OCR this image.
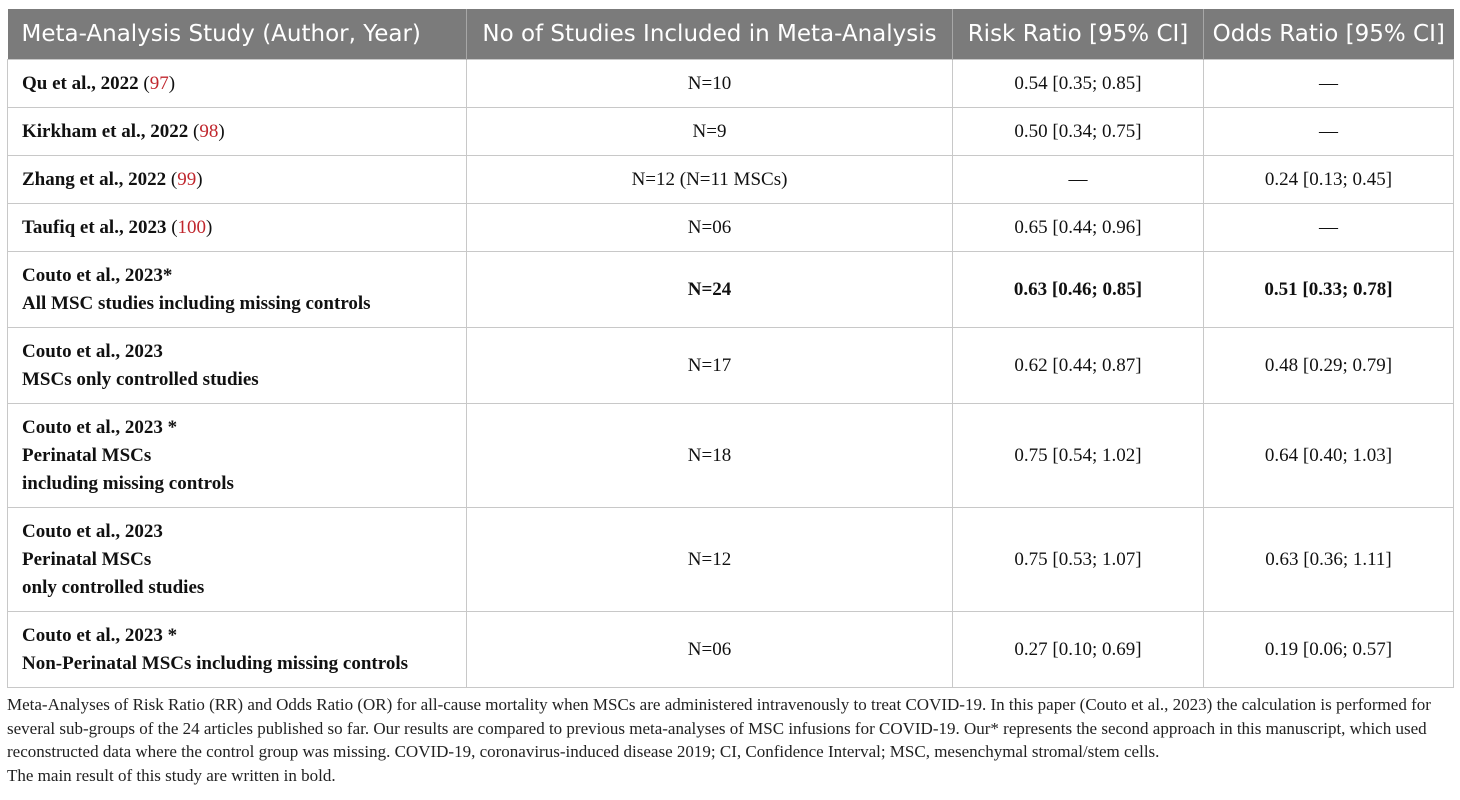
Meta-Analysis Study (Author, Year)	No of Studies Included in Meta-Analysis	Risk Ratio [95% CI]	Odds Ratio [95% CI]
Qu et al., 2022 (97)	N=10	0.54 [0.35; 0.85]	—
Kirkham et al., 2022 (98)	N=9	0.50 [0.34; 0.75]	—
Zhang et al., 2022 (99)	N=12 (N=11 MSCs)	—	0.24 [0.13; 0.45]
Taufiq et al., 2023 (100)	N=06	0.65 [0.44; 0.96]	—
Couto et al., 2023*
All MSC studies including missing controls	N=24	0.63 [0.46; 0.85]	0.51 [0.33; 0.78]
Couto et al., 2023
MSCs only controlled studies	N=17	0.62 [0.44; 0.87]	0.48 [0.29; 0.79]
Couto et al., 2023 *
Perinatal MSCs
including missing controls	N=18	0.75 [0.54; 1.02]	0.64 [0.40; 1.03]
Couto et al., 2023
Perinatal MSCs
only controlled studies	N=12	0.75 [0.53; 1.07]	0.63 [0.36; 1.11]
Couto et al., 2023 *
Non-Perinatal MSCs including missing controls	N=06	0.27 [0.10; 0.69]	0.19 [0.06; 0.57]

Meta-Analyses of Risk Ratio (RR) and Odds Ratio (OR) for all-cause mortality when MSCs are administered intravenously to treat COVID-19. In this paper (Couto et al., 2023) the calculation is performed for several sub-groups of the 24 articles published so far. Our results are compared to previous meta-analyses of MSC infusions for COVID-19. Our* represents the second approach in this manuscript, which used reconstructed data where the control group was missing. COVID-19, coronavirus-induced disease 2019; CI, Confidence Interval; MSC, mesenchymal stromal/stem cells.

The main result of this study are written in bold.
